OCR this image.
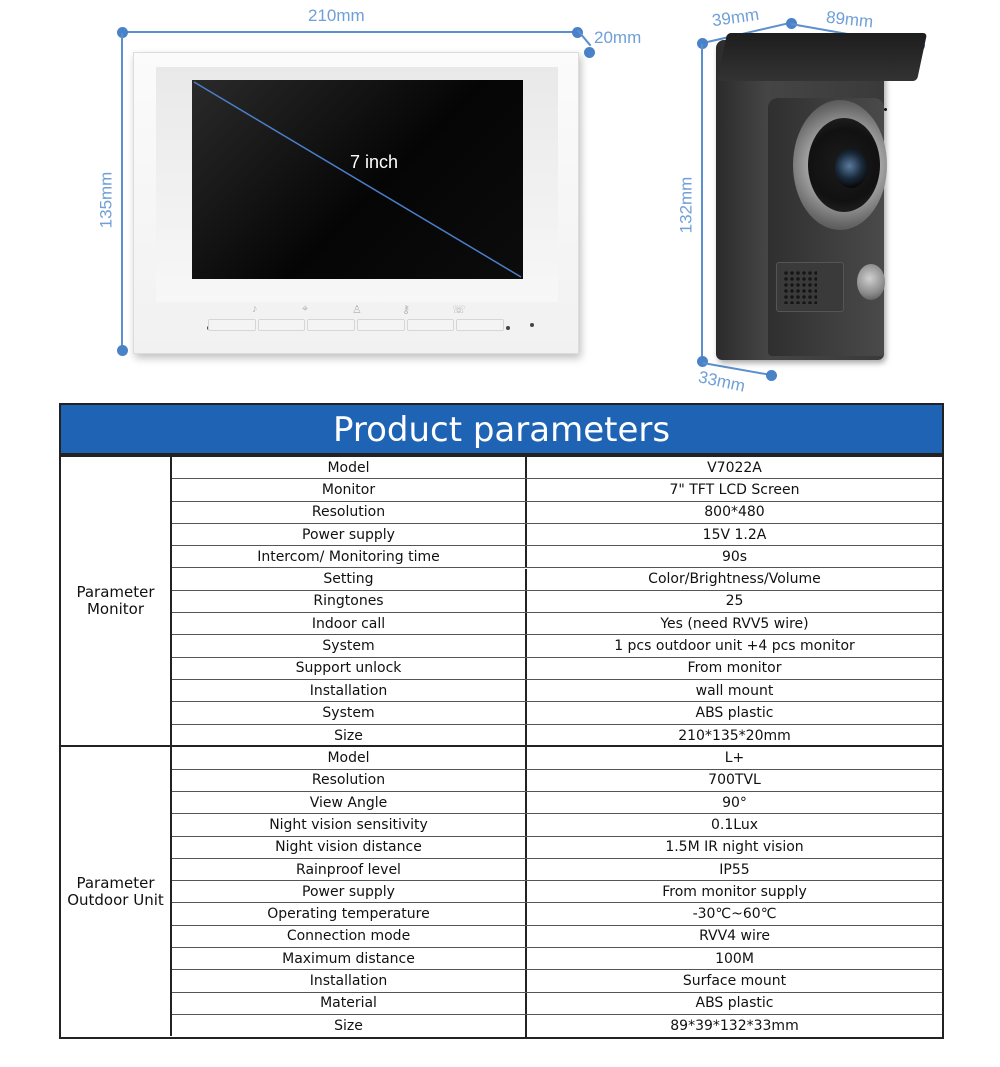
210mm
20mm
135mm
7 inch
♪	⌖	♙	⚷	☏
39mm	89mm
132mm
33mm
Product parameters
Parameter
Monitor
Model	V7022A
Monitor	7" TFT LCD Screen
Resolution	800*480
Power supply	15V 1.2A
Intercom/ Monitoring time	90s
Setting	Color/Brightness/Volume
Ringtones	25
Indoor call	Yes (need RVV5 wire)
System	1 pcs outdoor unit +4 pcs monitor
Support unlock	From monitor
Installation	wall mount
System	ABS plastic
Size	210*135*20mm
Parameter
Outdoor Unit
Model	L+
Resolution	700TVL
View Angle	90°
Night vision sensitivity	0.1Lux
Night vision distance	1.5M IR night vision
Rainproof level	IP55
Power supply	From monitor supply
Operating temperature	-30℃~60℃
Connection mode	RVV4 wire
Maximum distance	100M
Installation	Surface mount
Material	ABS plastic
Size	89*39*132*33mm
